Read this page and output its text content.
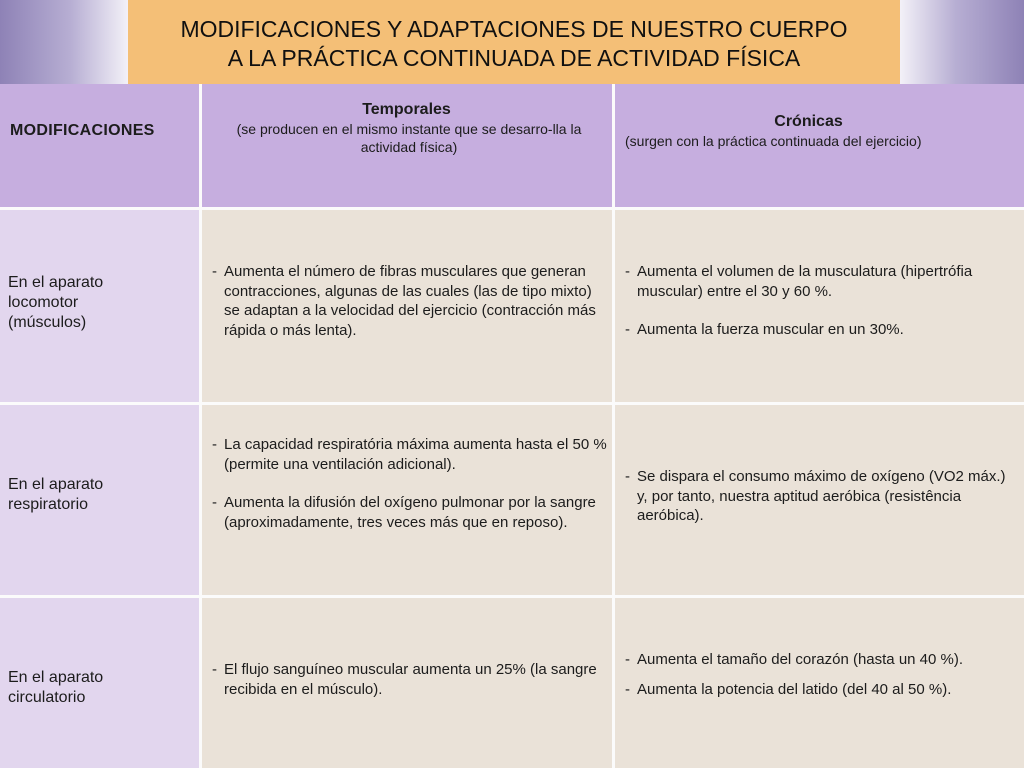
MODIFICACIONES Y ADAPTACIONES DE NUESTRO CUERPO
A LA PRÁCTICA CONTINUADA DE ACTIVIDAD FÍSICA
MODIFICACIONES
Temporales
(se producen en el mismo instante que se desarro-lla la actividad física)
Crónicas
(surgen con la práctica continuada del ejercicio)
En el aparato locomotor (músculos)
- Aumenta el número de fibras musculares que generan contracciones, algunas de las cuales (las de tipo mixto) se adaptan a la velocidad del ejercicio (contracción más rápida o más lenta).
- Aumenta el volumen de la musculatura (hipertrófia muscular) entre el 30 y 60 %.
- Aumenta la fuerza muscular en un 30%.
En el aparato respiratorio
- La capacidad respiratória máxima aumenta hasta el 50 % (permite una ventilación adicional).
- Aumenta la difusión del oxígeno pulmonar por la sangre (aproximadamente, tres veces más que en reposo).
- Se dispara el consumo máximo de oxígeno (VO2 máx.) y, por tanto, nuestra aptitud aeróbica (resistência aeróbica).
En el aparato circulatorio
- El flujo sanguíneo muscular aumenta un 25% (la sangre recibida en el músculo).
- Aumenta el tamaño del corazón (hasta un 40 %).
- Aumenta la potencia del latido (del 40 al 50 %).
